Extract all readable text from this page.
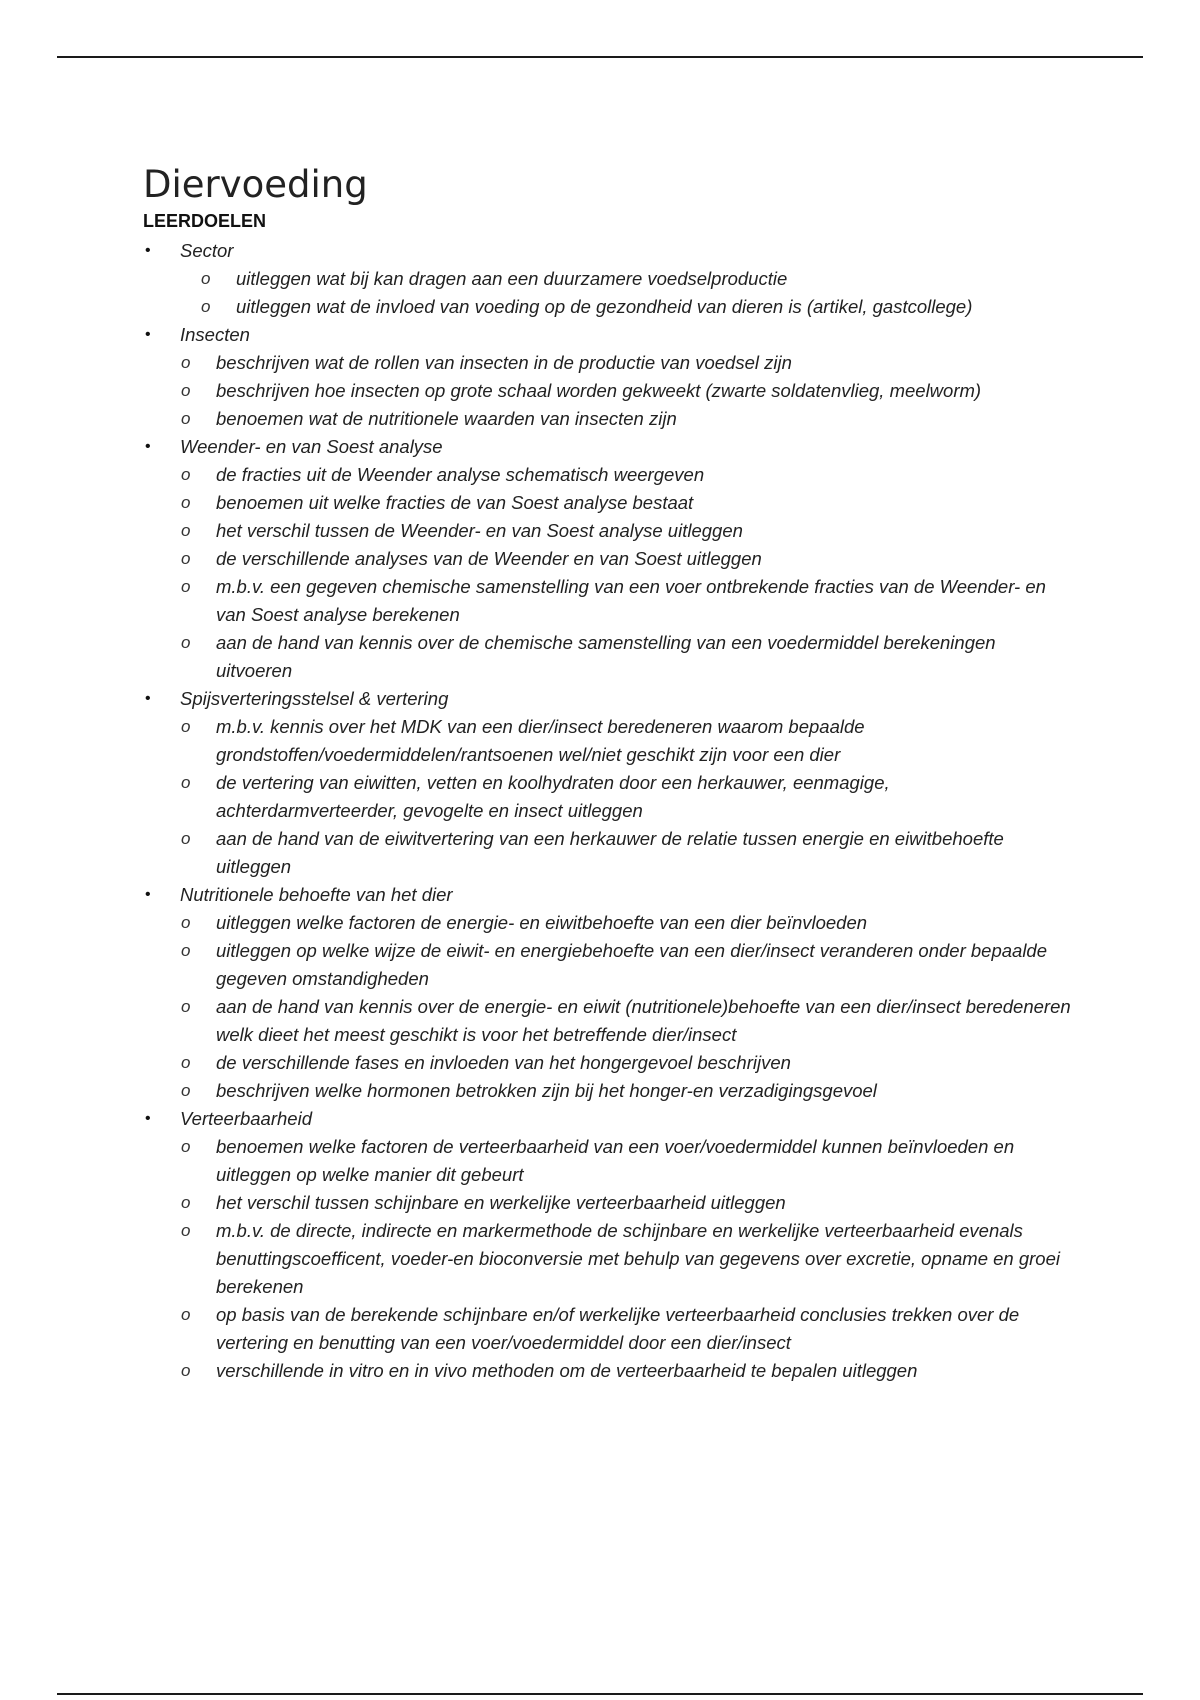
Diervoeding
LEERDOELEN
• Sector
o uitleggen wat bij kan dragen aan een duurzamere voedselproductie
o uitleggen wat de invloed van voeding op de gezondheid van dieren is (artikel, gastcollege)
• Insecten
o beschrijven wat de rollen van insecten in de productie van voedsel zijn
o beschrijven hoe insecten op grote schaal worden gekweekt (zwarte soldatenvlieg, meelworm)
o benoemen wat de nutritionele waarden van insecten zijn
• Weender- en van Soest analyse
o de fracties uit de Weender analyse schematisch weergeven
o benoemen uit welke fracties de van Soest analyse bestaat
o het verschil tussen de Weender- en van Soest analyse uitleggen
o de verschillende analyses van de Weender en van Soest uitleggen
o m.b.v. een gegeven chemische samenstelling van een voer ontbrekende fracties van de Weender- en van Soest analyse berekenen
o aan de hand van kennis over de chemische samenstelling van een voedermiddel berekeningen uitvoeren
• Spijsverteringsstelsel & vertering
o m.b.v. kennis over het MDK van een dier/insect beredeneren waarom bepaalde grondstoffen/voedermiddelen/rantsoenen wel/niet geschikt zijn voor een dier
o de vertering van eiwitten, vetten en koolhydraten door een herkauwer, eenmagige, achterdarmverteerder, gevogelte en insect uitleggen
o aan de hand van de eiwitvertering van een herkauwer de relatie tussen energie en eiwitbehoefte uitleggen
• Nutritionele behoefte van het dier
o uitleggen welke factoren de energie- en eiwitbehoefte van een dier beïnvloeden
o uitleggen op welke wijze de eiwit- en energiebehoefte van een dier/insect veranderen onder bepaalde gegeven omstandigheden
o aan de hand van kennis over de energie- en eiwit (nutritionele)behoefte van een dier/insect beredeneren welk dieet het meest geschikt is voor het betreffende dier/insect
o de verschillende fases en invloeden van het hongergevoel beschrijven
o beschrijven welke hormonen betrokken zijn bij het honger-en verzadigingsgevoel
• Verteerbaarheid
o benoemen welke factoren de verteerbaarheid van een voer/voedermiddel kunnen beïnvloeden en uitleggen op welke manier dit gebeurt
o het verschil tussen schijnbare en werkelijke verteerbaarheid uitleggen
o m.b.v. de directe, indirecte en markermethode de schijnbare en werkelijke verteerbaarheid evenals benuttingscoefficent, voeder-en bioconversie met behulp van gegevens over excretie, opname en groei berekenen
o op basis van de berekende schijnbare en/of werkelijke verteerbaarheid conclusies trekken over de vertering en benutting van een voer/voedermiddel door een dier/insect
o verschillende in vitro en in vivo methoden om de verteerbaarheid te bepalen uitleggen
